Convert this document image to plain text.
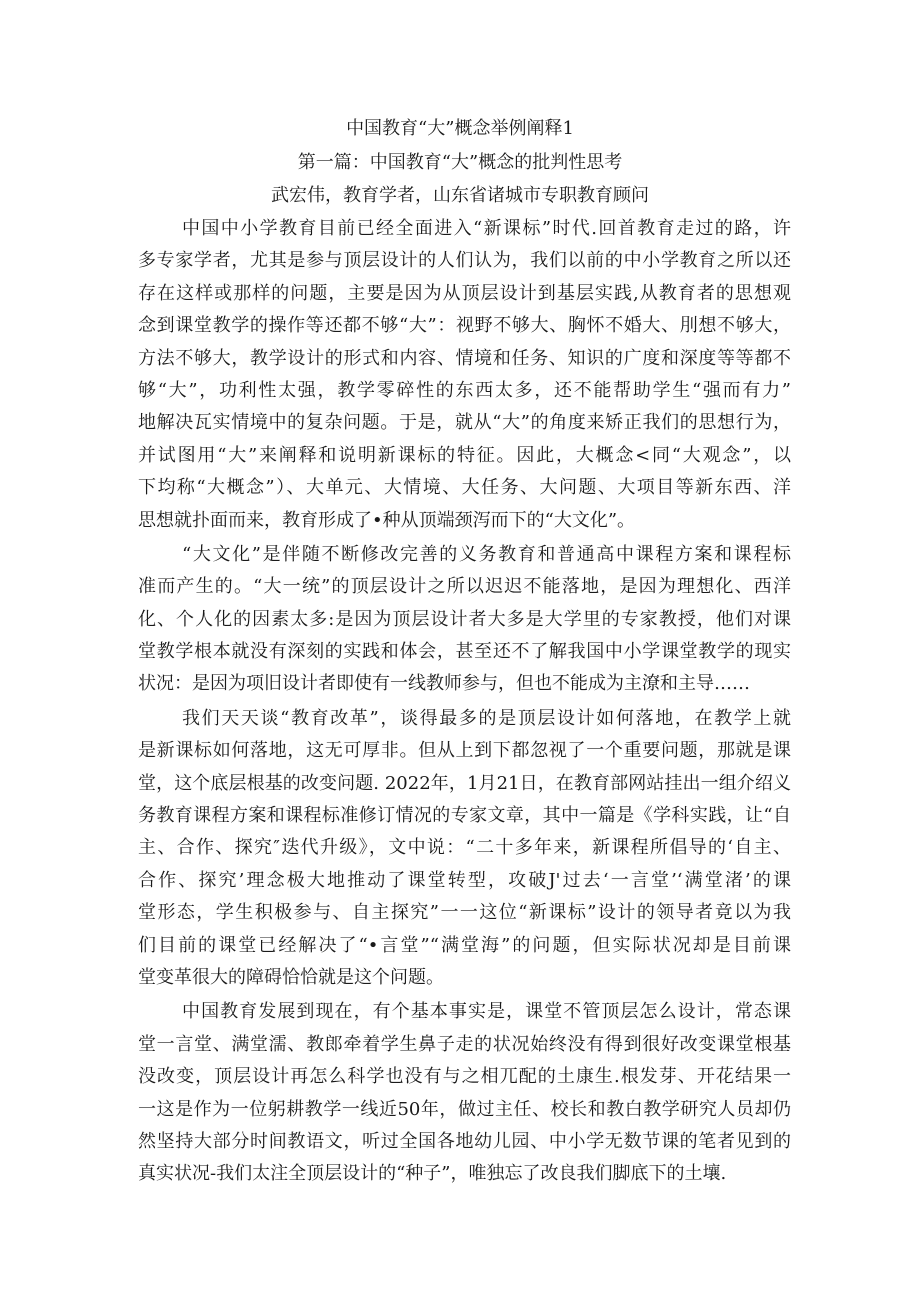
中国教育“大”概念举例阐释1
第一篇：中国教育“大”概念的批判性思考
武宏伟，教育学者，山东省诸城市专职教育顾问
中国中小学教育目前已经全面进入“新课标”时代.回首教育走过的路，许
多专家学者，尤其是参与顶层设计的人们认为，我们以前的中小学教育之所以还
存在这样或那样的问题，主要是因为从顶层设计到基层实践,从教育者的思想观
念到课堂教学的操作等还都不够“大”：视野不够大、胸怀不婚大、刖想不够大，
方法不够大，教学设计的形式和内容、情境和任务、知识的广度和深度等等都不
够“大”，功利性太强，教学零碎性的东西太多，还不能帮助学生“强而有力”
地解决瓦实情境中的复杂问题。于是，就从“大”的角度来矫正我们的思想行为，
并试图用“大”来阐释和说明新课标的特征。因此，大概念<同“大观念”，以
下均称“大概念”）、大单元、大情境、大任务、大问题、大项目等新东西、洋
思想就扑面而来，教育形成了•种从顶端颈泻而下的“大文化”。
“大文化”是伴随不断修改完善的义务教育和普通高中课程方案和课程标
准而产生的。“大一统”的顶层设计之所以迟迟不能落地，是因为理想化、西洋
化、个人化的因素太多:是因为顶层设计者大多是大学里的专家教授，他们对课
堂教学根本就没有深刻的实践和体会，甚至还不了解我国中小学课堂教学的现实
状况：是因为项旧设计者即使有一线教师参与，但也不能成为主潦和主导……
我们天天谈“教育改革”，谈得最多的是顶层设计如何落地，在教学上就
是新课标如何落地，这无可厚非。但从上到下都忽视了一个重要问题，那就是课
堂，这个底层根基的改变问题. 2022年，1月21日，在教育部网站挂出一组介绍义
务教育课程方案和课程标准修订情况的专家文章，其中一篇是《学科实践，让“自
主、合作、探究″迭代升级》，文中说：“二十多年来，新课程所倡导的‘自主、
合作、探究’理念极大地推动了课堂转型，攻破J'过去‘一言堂’‘满堂渚’的课
堂形态，学生积极参与、自主探究”一一这位“新课标”设计的领导者竟以为我
们目前的课堂已经解决了“•言堂”“满堂海”的问题，但实际状况却是目前课
堂变革很大的障碍恰恰就是这个问题。
中国教育发展到现在，有个基本事实是，课堂不管顶层怎么设计，常态课
堂一言堂、满堂濡、教郎牵着学生鼻子走的状况始终没有得到很好改变课堂根基
没改变，顶层设计再怎么科学也没有与之相兀配的土康生.根发芽、开花结果一
一这是作为一位躬耕教学一线近50年，做过主任、校长和教白教学研究人员却仍
然坚持大部分时间教语文，听过全国各地幼儿园、中小学无数节课的笔者见到的
真实状况-我们太注全顶层设计的“种子”，唯独忘了改良我们脚底下的土壤.
